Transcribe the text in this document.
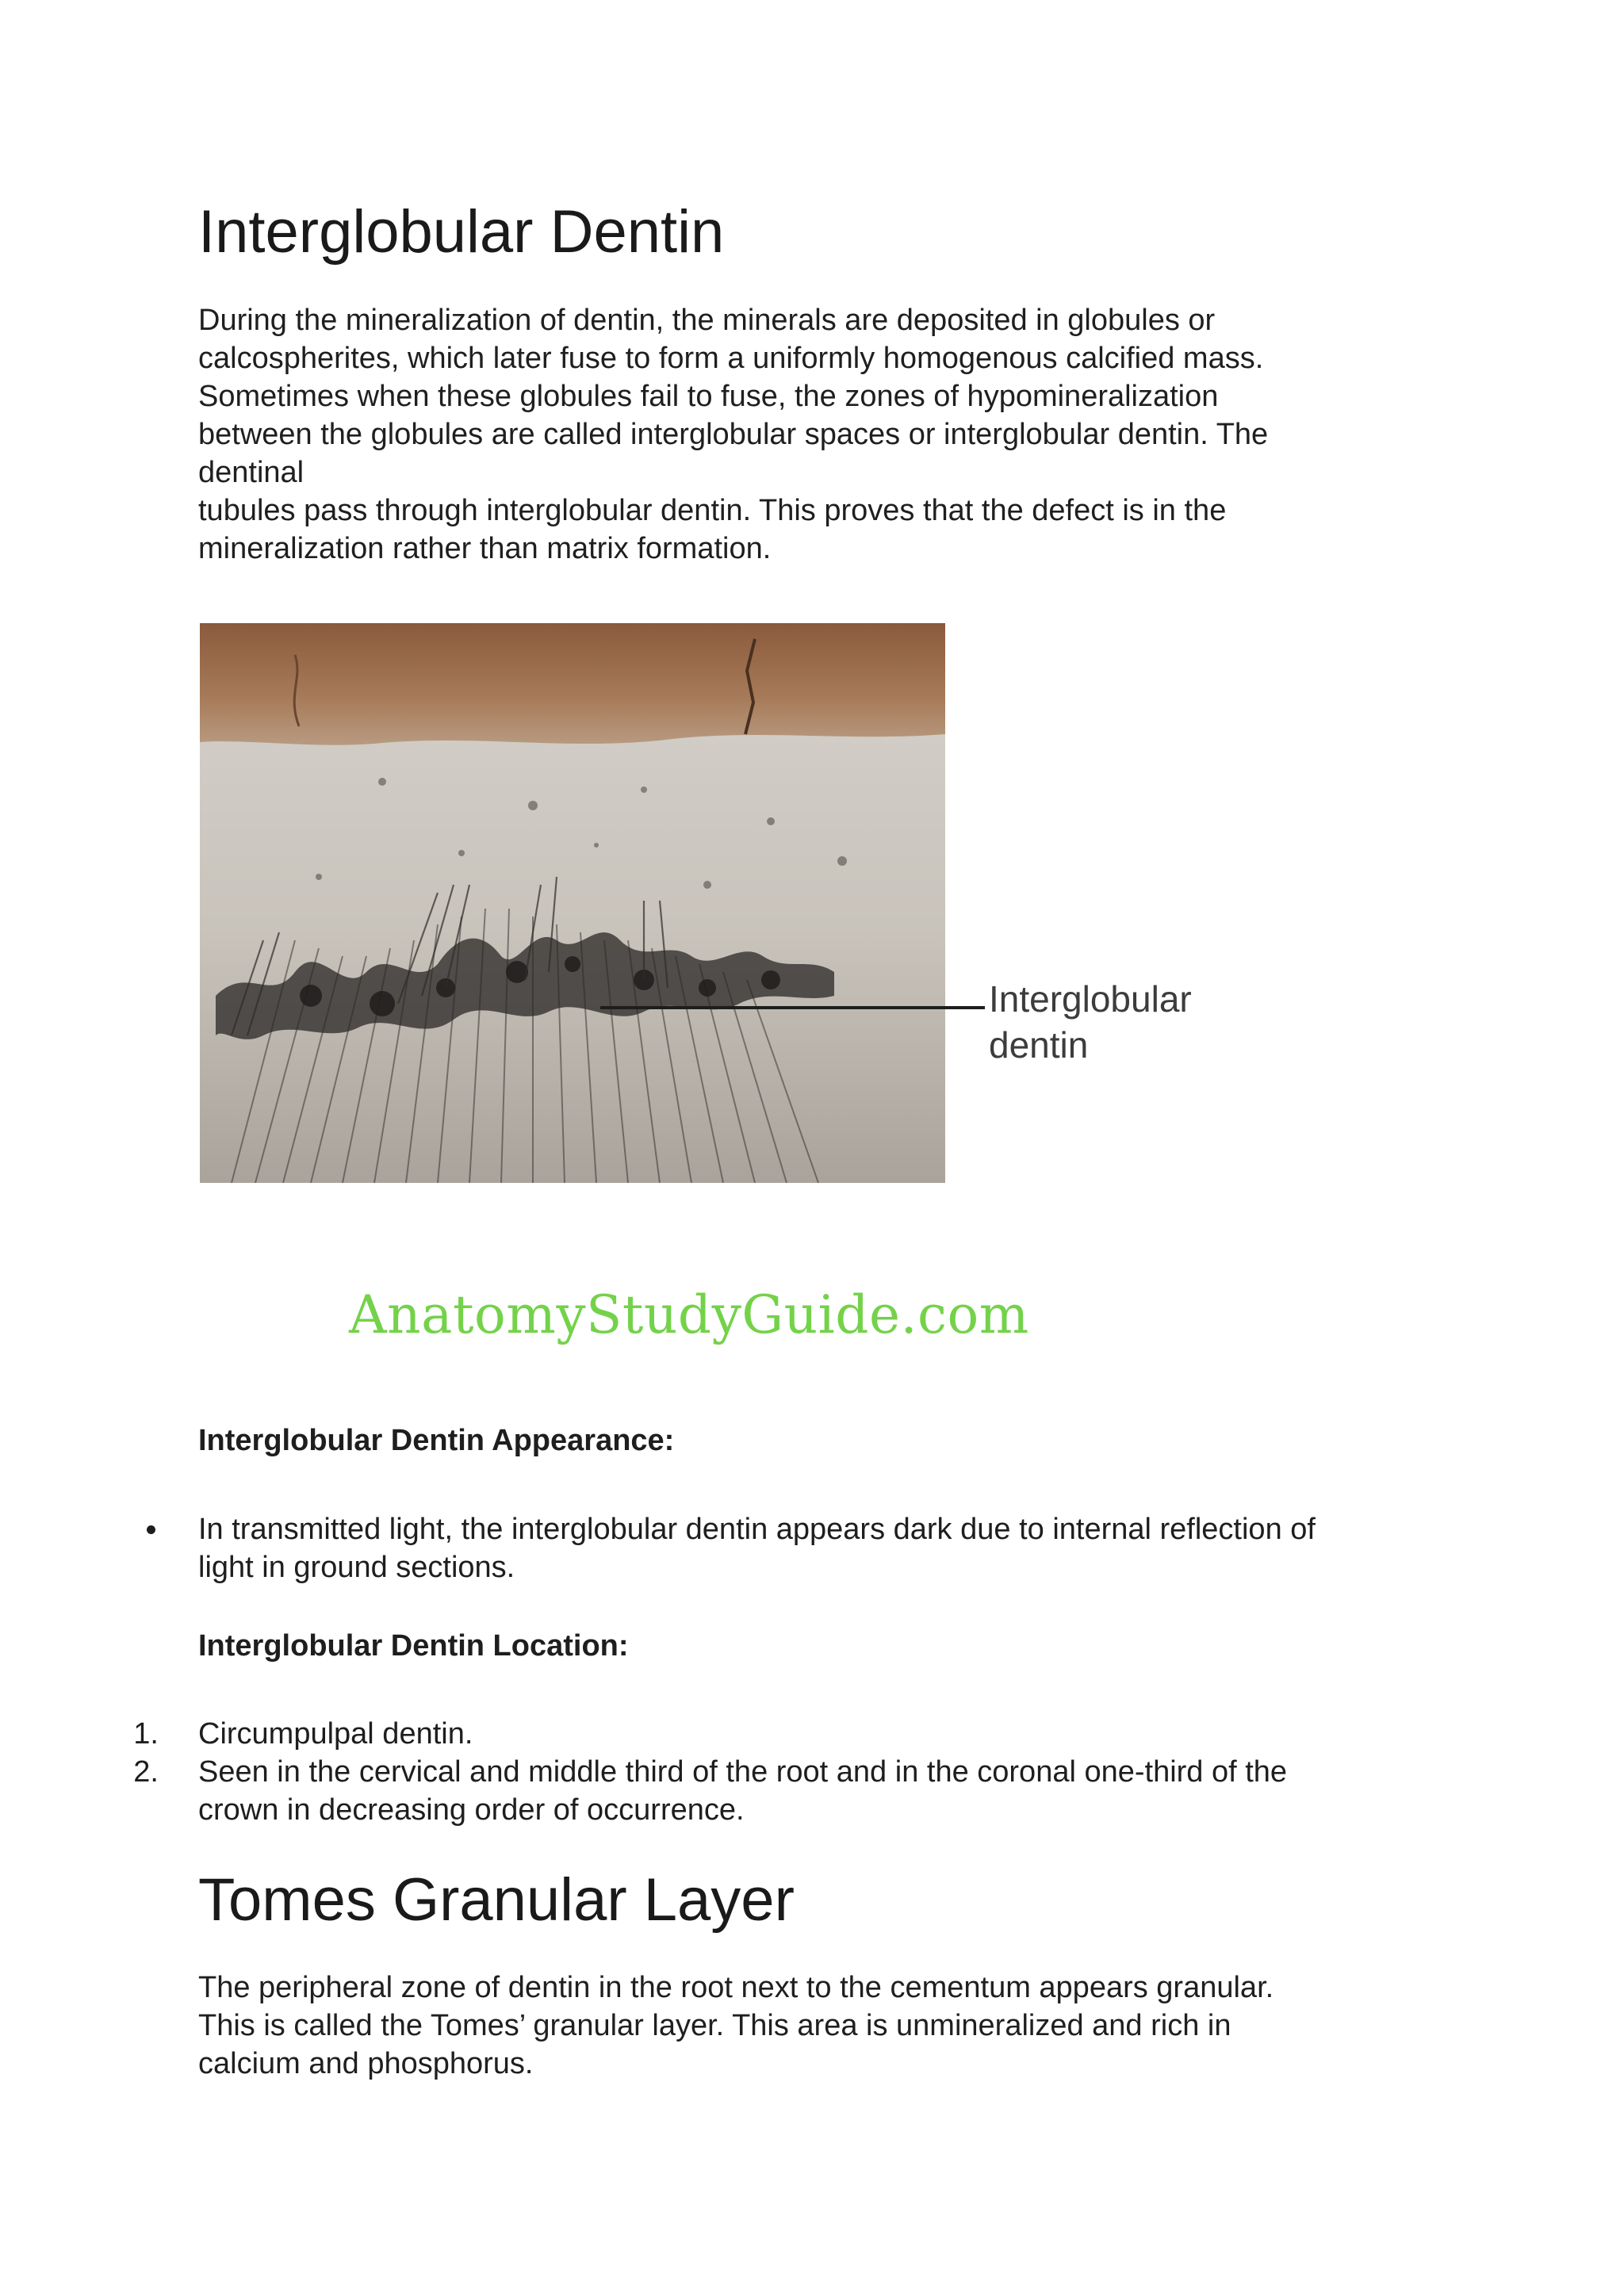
Interglobular Dentin
During the mineralization of dentin, the minerals are deposited in globules or
calcospherites, which later fuse to form a uniformly homogenous calcified mass.
Sometimes when these globules fail to fuse, the zones of hypomineralization
between the globules are called interglobular spaces or interglobular dentin. The
dentinal
tubules pass through interglobular dentin. This proves that the defect is in the
mineralization rather than matrix formation.
Interglobular
dentin
AnatomyStudyGuide.com
Interglobular Dentin Appearance:
In transmitted light, the interglobular dentin appears dark due to internal reflection of
light in ground sections.
Interglobular Dentin Location:
1. Circumpulpal dentin.
2. Seen in the cervical and middle third of the root and in the coronal one-third of the
crown in decreasing order of occurrence.
Tomes Granular Layer
The peripheral zone of dentin in the root next to the cementum appears granular.
This is called the Tomes’ granular layer. This area is unmineralized and rich in
calcium and phosphorus.
